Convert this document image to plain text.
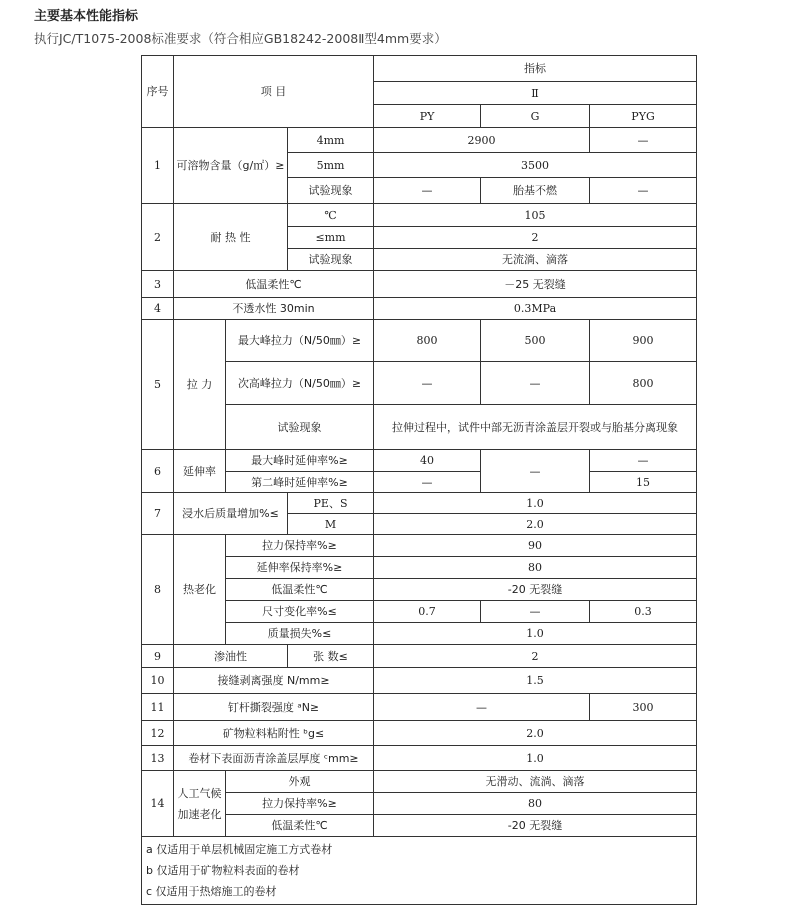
主要基本性能指标
执行JC/T1075-2008标准要求（符合相应GB18242-2008Ⅱ型4mm要求）
序号	项 目			指标		
				Ⅱ		
				PY	G	PYG
1	可溶物含量（g/㎡）≥		4mm	2900		—
			5mm	3500		
			试验现象	—	胎基不燃	—
2	耐 热 性		℃	105		
			≤mm	2		
			试验现象	无流淌、滴落		
3	低温柔性℃			－25 无裂缝		
4	不透水性 30min			0.3MPa		
5	拉 力	最大峰拉力（N/50㎜）≥		800	500	900
		次高峰拉力（N/50㎜）≥		—	—	800
		试验现象		拉伸过程中，试件中部无沥青涂盖层开裂或与胎基分离现象		
6	延伸率	最大峰时延伸率%≥		40	—	—
		第二峰时延伸率%≥		—		15
7	浸水后质量增加%≤		PE、S	1.0		
			M	2.0		
8	热老化	拉力保持率%≥		90		
		延伸率保持率%≥		80		
		低温柔性℃		-20 无裂缝		
		尺寸变化率%≤		0.7	—	0.3
		质量损失%≤		1.0		
9	渗油性		张 数≤	2		
10	接缝剥离强度 N/mm≥			1.5		
11	钉杆撕裂强度 ᵃN≥			—		300
12	矿物粒料粘附性 ᵇg≤			2.0		
13	卷材下表面沥青涂盖层厚度 ᶜmm≥			1.0		
14	人工气候加速老化	外观		无滑动、流淌、滴落		
		拉力保持率%≥		80		
		低温柔性℃		-20 无裂缝		

a 仅适用于单层机械固定施工方式卷材
b 仅适用于矿物粒料表面的卷材
c 仅适用于热熔施工的卷材						
